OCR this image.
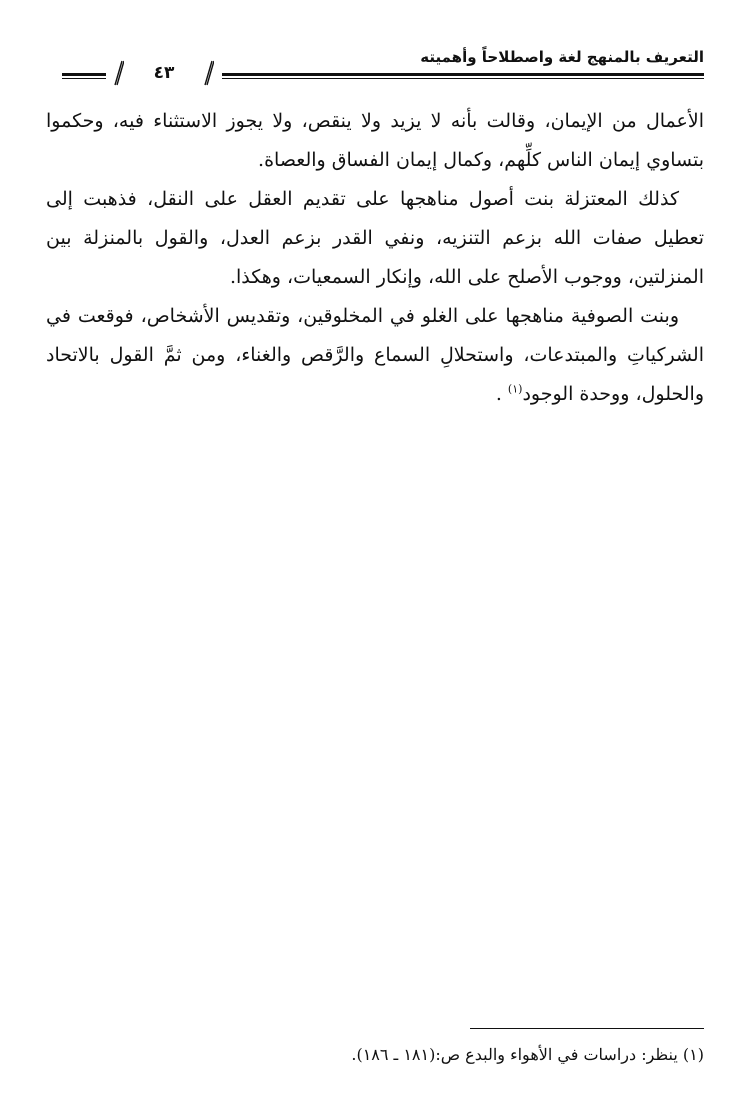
التعريف بالمنهج لغة واصطلاحاً وأهميته
٤٣

الأعمال من الإيمان، وقالت بأنه لا يزيد ولا ينقص، ولا يجوز الاستثناء فيه، وحكموا بتساوي إيمان الناس كلِّهم، وكمال إيمان الفساق والعصاة.

كذلك المعتزلة بنت أصول مناهجها على تقديم العقل على النقل، فذهبت إلى تعطيل صفات الله بزعم التنزيه، ونفي القدر بزعم العدل، والقول بالمنزلة بين المنزلتين، ووجوب الأصلح على الله، وإنكار السمعيات، وهكذا.

وبنت الصوفية مناهجها على الغلو في المخلوقين، وتقديس الأشخاص، فوقعت في الشركياتِ والمبتدعات، واستحلالِ السماع والرَّقص والغناء، ومن ثمَّ القول بالاتحاد والحلول، ووحدة الوجود$^{(١)}$ .

(١) ينظر: دراسات في الأهواء والبدع ص:(١٨١ ـ ١٨٦).
